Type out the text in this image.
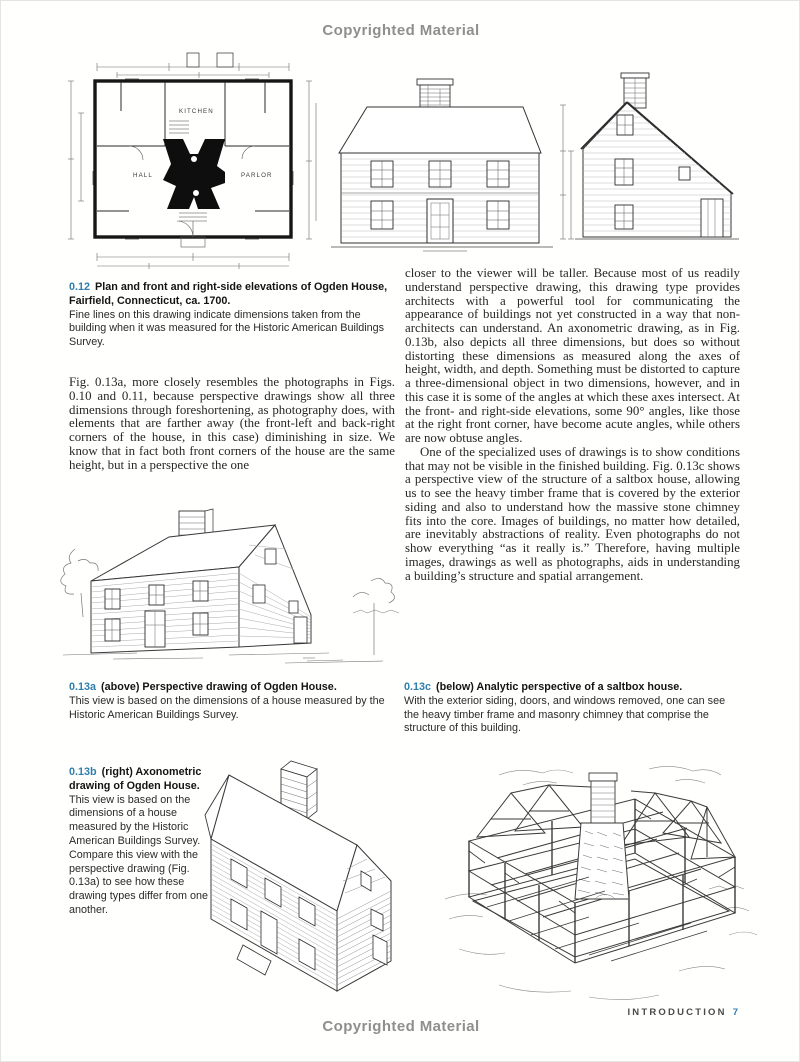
Copyrighted Material
HALL	PARLOR
KITCHEN
0.12 Plan and front and right-side elevations of Ogden House, Fairfield, Connecticut, ca. 1700.
Fine lines on this drawing indicate dimensions taken from the building when it was measured for the Historic American Buildings Survey.

Fig. 0.13a, more closely resembles the photographs in Figs. 0.10 and 0.11, because perspective drawings show all three dimensions through foreshortening, as photography does, with elements that are farther away (the front-left and back-right corners of the house, in this case) diminishing in size. We know that in fact both front corners of the house are the same height, but in a perspective the one

closer to the viewer will be taller. Because most of us readily understand perspective drawing, this drawing type provides architects with a powerful tool for communicating the appearance of buildings not yet constructed in a way that non-architects can understand. An axonometric drawing, as in Fig. 0.13b, also depicts all three dimensions, but does so without distorting these dimensions as measured along the axes of height, width, and depth. Something must be distorted to capture a three-dimensional object in two dimensions, however, and in this case it is some of the angles at which these axes intersect. At the front- and right-side elevations, some 90° angles, like those at the right front corner, have become acute angles, while others are now obtuse angles.

One of the specialized uses of drawings is to show conditions that may not be visible in the finished building. Fig. 0.13c shows a perspective view of the structure of a saltbox house, allowing us to see the heavy timber frame that is covered by the exterior siding and also to understand how the massive stone chimney fits into the core. Images of buildings, no matter how detailed, are inevitably abstractions of reality. Even photographs do not show everything “as it really is.” Therefore, having multiple images, drawings as well as photographs, aids in understanding a building’s structure and spatial arrangement.

0.13a (above) Perspective drawing of Ogden House.
This view is based on the dimensions of a house measured by the Historic American Buildings Survey.
0.13c (below) Analytic perspective of a saltbox house.
With the exterior siding, doors, and windows removed, one can see the heavy timber frame and masonry chimney that comprise the structure of this building.
0.13b (right) Axonometric drawing of Ogden House.
This view is based on the dimensions of a house measured by the Historic American Buildings Survey. Compare this view with the perspective drawing (Fig. 0.13a) to see how these drawing types differ from one another.
INTRODUCTION 7
Copyrighted Material
